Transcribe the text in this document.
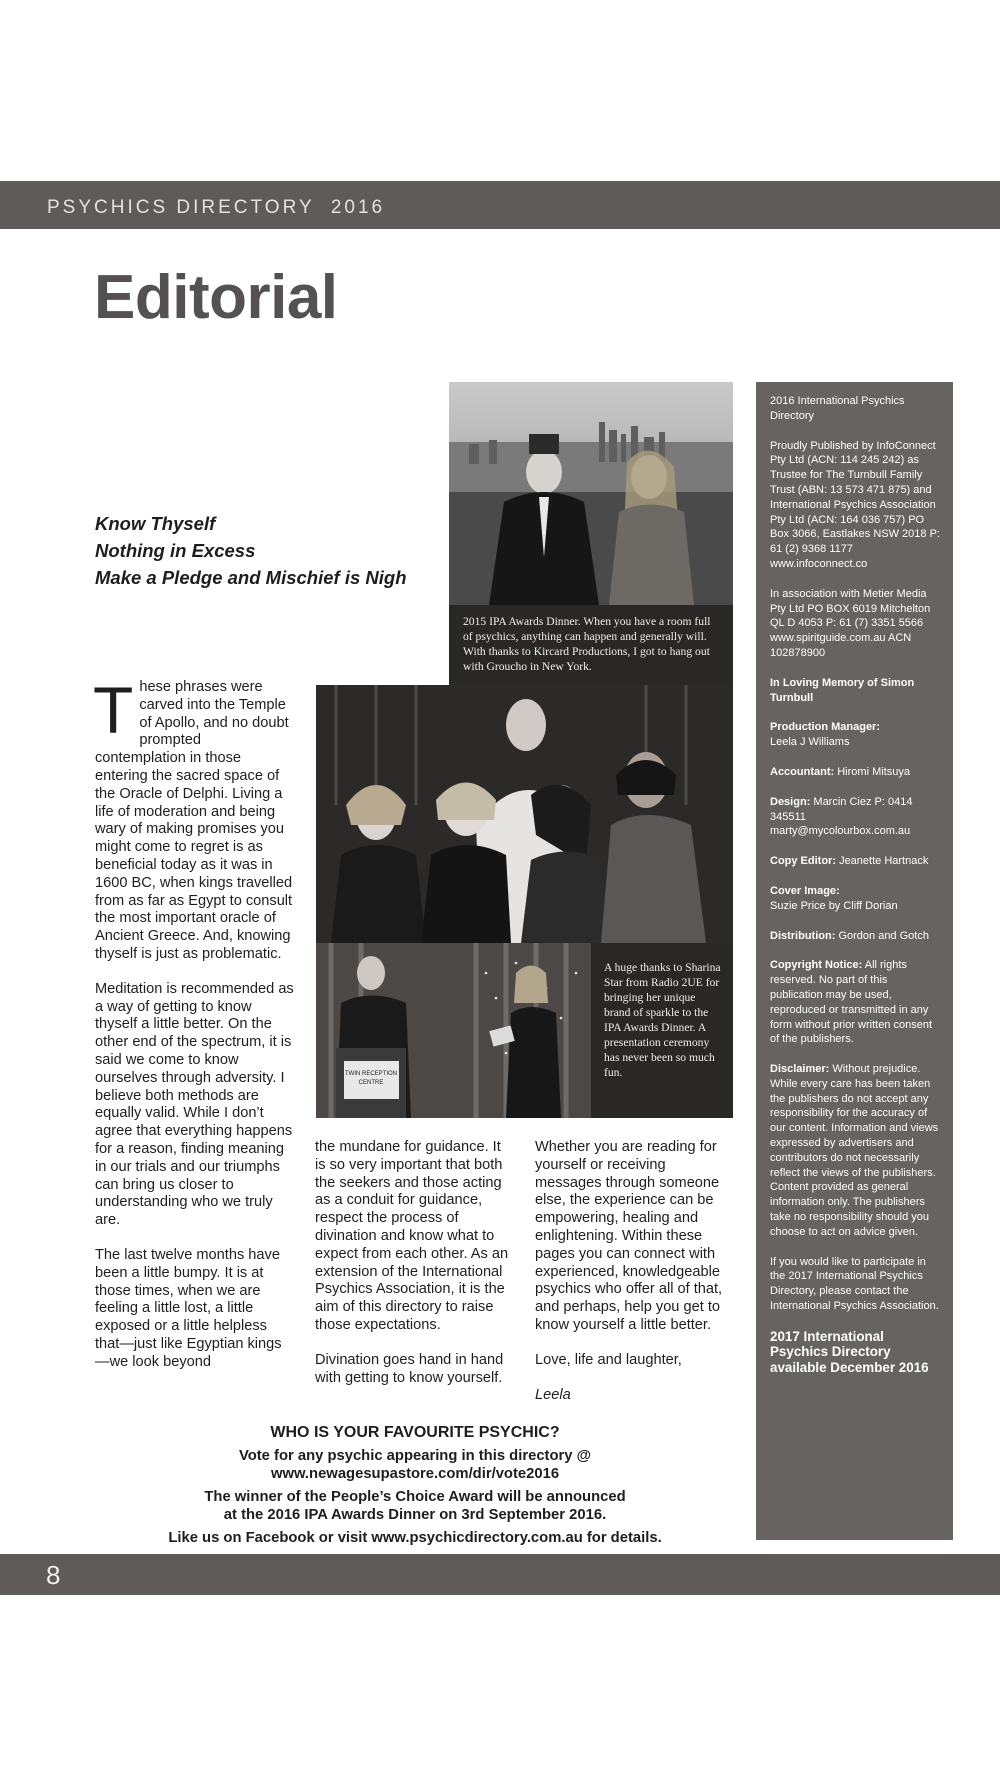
PSYCHICS DIRECTORY  2016
Editorial
Know Thyself
Nothing in Excess
Make a Pledge and Mischief is Nigh

These phrases were carved into the Temple of Apollo, and no doubt prompted contemplation in those entering the sacred space of the Oracle of Delphi. Living a life of moderation and being wary of making promises you might come to regret is as beneficial today as it was in 1600 BC, when kings travelled from as far as Egypt to consult the most important oracle of Ancient Greece. And, knowing thyself is just as problematic.

Meditation is recommended as a way of getting to know thyself a little better. On the other end of the spectrum, it is said we come to know ourselves through adversity. I believe both methods are equally valid. While I don’t agree that everything happens for a reason, finding meaning in our trials and our triumphs can bring us closer to understanding who we truly are.

The last twelve months have been a little bumpy. It is at those times, when we are feeling a little lost, a little exposed or a little helpless that—just like Egyptian kings—we look beyond

the mundane for guidance. It is so very important that both the seekers and those acting as a conduit for guidance, respect the process of divination and know what to expect from each other. As an extension of the International Psychics Association, it is the aim of this directory to raise those expectations.

Divination goes hand in hand with getting to know yourself.

Whether you are reading for yourself or receiving messages through someone else, the experience can be empowering, healing and enlightening. Within these pages you can connect with experienced, knowledgeable psychics who offer all of that, and perhaps, help you get to know yourself a little better.

Love, life and laughter,

Leela

2015 IPA Awards Dinner. When you have a room full of psychics, anything can happen and generally will. With thanks to Kircard Productions, I got to hang out with Groucho in New York.
TWIN RECEPTION CENTRE
A huge thanks to Sharina Star from Radio 2UE for bringing her unique brand of sparkle to the IPA Awards Dinner. A presentation ceremony has never been so much fun.

2016 International Psychics Directory

Proudly Published by InfoConnect Pty Ltd (ACN: 114 245 242) as Trustee for The Turnbull Family Trust (ABN: 13 573 471 875) and International Psychics Association Pty Ltd (ACN: 164 036 757) PO Box 3066, Eastlakes NSW 2018 P: 61 (2) 9368 1177 www.infoconnect.co

In association with Metier Media Pty Ltd PO BOX 6019 Mitchelton QL D 4053 P: 61 (7) 3351 5566 www.spiritguide.com.au ACN 102878900

In Loving Memory of Simon Turnbull

Production Manager:
Leela J Williams

Accountant: Hiromi Mitsuya

Design: Marcin Ciez P: 0414 345511 marty@mycolourbox.com.au

Copy Editor: Jeanette Hartnack

Cover Image:
Suzie Price by Cliff Dorian

Distribution: Gordon and Gotch

Copyright Notice: All rights reserved. No part of this publication may be used, reproduced or transmitted in any form without prior written consent of the publishers.

Disclaimer: Without prejudice. While every care has been taken the publishers do not accept any responsibility for the accuracy of our content. Information and views expressed by advertisers and contributors do not necessarily reflect the views of the publishers.
Content provided as general information only. The publishers take no responsibility should you choose to act on advice given.

If you would like to participate in the 2017 International Psychics Directory, please contact the International Psychics Association.

2017 International Psychics Directory available December 2016

WHO IS YOUR FAVOURITE PSYCHIC?
Vote for any psychic appearing in this directory @ www.newagesupastore.com/dir/vote2016
The winner of the People’s Choice Award will be announced
at the 2016 IPA Awards Dinner on 3rd September 2016.
Like us on Facebook or visit www.psychicdirectory.com.au for details.
8
